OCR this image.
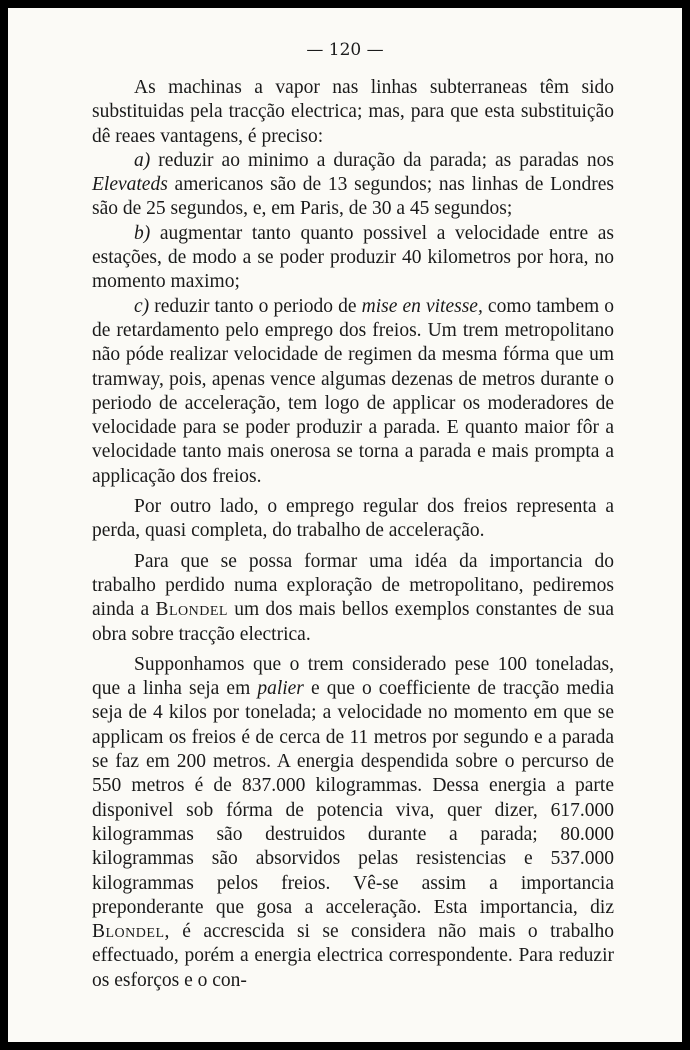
— 120 —

As machinas a vapor nas linhas subterraneas têm sido substituidas pela tracção electrica; mas, para que esta substituição dê reaes vantagens, é preciso:

a) reduzir ao minimo a duração da parada; as paradas nos Elevateds americanos são de 13 segundos; nas linhas de Londres são de 25 segundos, e, em Paris, de 30 a 45 segundos;

b) augmentar tanto quanto possivel a velocidade entre as estações, de modo a se poder produzir 40 kilometros por hora, no momento maximo;

c) reduzir tanto o periodo de mise en vitesse, como tambem o de retardamento pelo emprego dos freios. Um trem metropolitano não póde realizar velocidade de regimen da mesma fórma que um tramway, pois, apenas vence algumas dezenas de metros durante o periodo de acceleração, tem logo de applicar os moderadores de velocidade para se poder produzir a parada. E quanto maior fôr a velocidade tanto mais onerosa se torna a parada e mais prompta a applicação dos freios.

Por outro lado, o emprego regular dos freios representa a perda, quasi completa, do trabalho de acceleração.

Para que se possa formar uma idéa da importancia do trabalho perdido numa exploração de metropolitano, pediremos ainda a Blondel um dos mais bellos exemplos constantes de sua obra sobre tracção electrica.

Supponhamos que o trem considerado pese 100 toneladas, que a linha seja em palier e que o coefficiente de tracção media seja de 4 kilos por tonelada; a velocidade no momento em que se applicam os freios é de cerca de 11 metros por segundo e a parada se faz em 200 metros. A energia despendida sobre o percurso de 550 metros é de 837.000 kilogrammas. Dessa energia a parte disponivel sob fórma de potencia viva, quer dizer, 617.000 kilogrammas são destruidos durante a parada; 80.000 kilogrammas são absorvidos pelas resistencias e 537.000 kilogrammas pelos freios. Vê-se assim a importancia preponderante que gosa a acceleração. Esta importancia, diz Blondel, é accrescida si se considera não mais o trabalho effectuado, porém a energia electrica correspondente. Para reduzir os esforços e o con-
